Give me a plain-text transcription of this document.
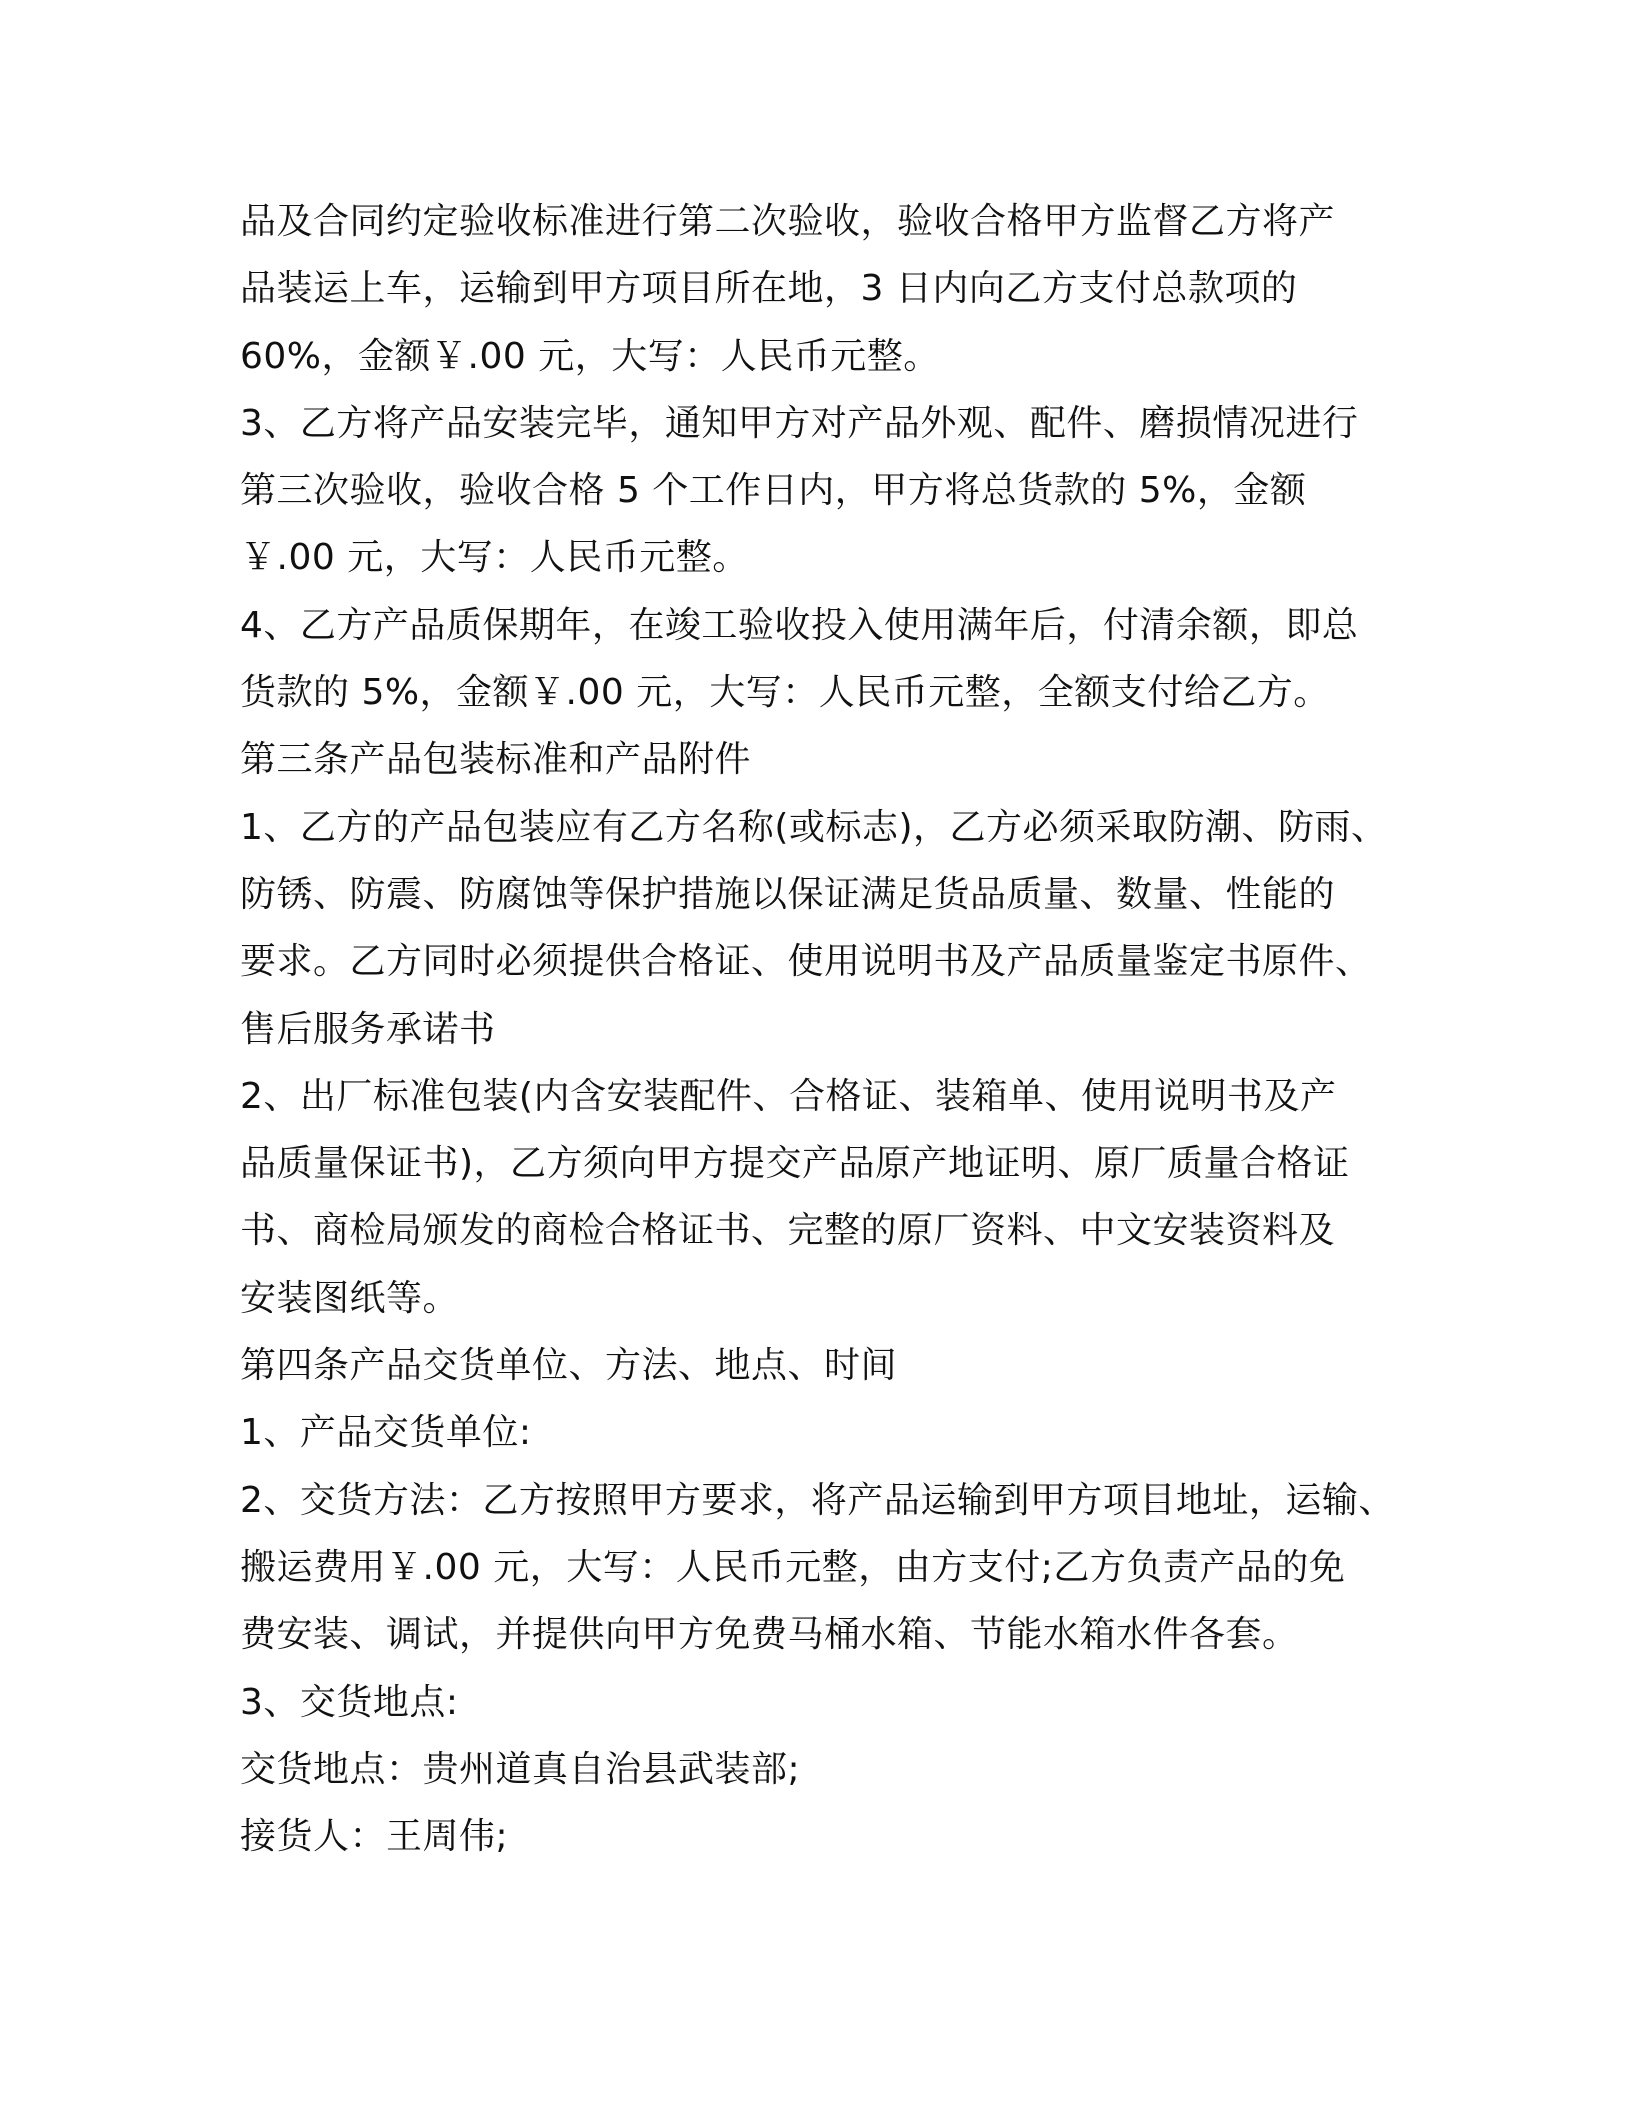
品及合同约定验收标准进行第二次验收，验收合格甲方监督乙方将产
品装运上车，运输到甲方项目所在地，3 日内向乙方支付总款项的
60%，金额￥.00 元，大写：人民币元整。
3、乙方将产品安装完毕，通知甲方对产品外观、配件、磨损情况进行
第三次验收，验收合格 5 个工作日内，甲方将总货款的 5%，金额
￥.00 元，大写：人民币元整。
4、乙方产品质保期年，在竣工验收投入使用满年后，付清余额，即总
货款的 5%，金额￥.00 元，大写：人民币元整，全额支付给乙方。
第三条产品包装标准和产品附件
1、乙方的产品包装应有乙方名称(或标志)，乙方必须采取防潮、防雨、
防锈、防震、防腐蚀等保护措施以保证满足货品质量、数量、性能的
要求。乙方同时必须提供合格证、使用说明书及产品质量鉴定书原件、
售后服务承诺书
2、出厂标准包装(内含安装配件、合格证、装箱单、使用说明书及产
品质量保证书)，乙方须向甲方提交产品原产地证明、原厂质量合格证
书、商检局颁发的商检合格证书、完整的原厂资料、中文安装资料及
安装图纸等。
第四条产品交货单位、方法、地点、时间
1、产品交货单位:
2、交货方法：乙方按照甲方要求，将产品运输到甲方项目地址，运输、
搬运费用￥.00 元，大写：人民币元整，由方支付;乙方负责产品的免
费安装、调试，并提供向甲方免费马桶水箱、节能水箱水件各套。
3、交货地点:
交货地点：贵州道真自治县武装部;
接货人：王周伟;
